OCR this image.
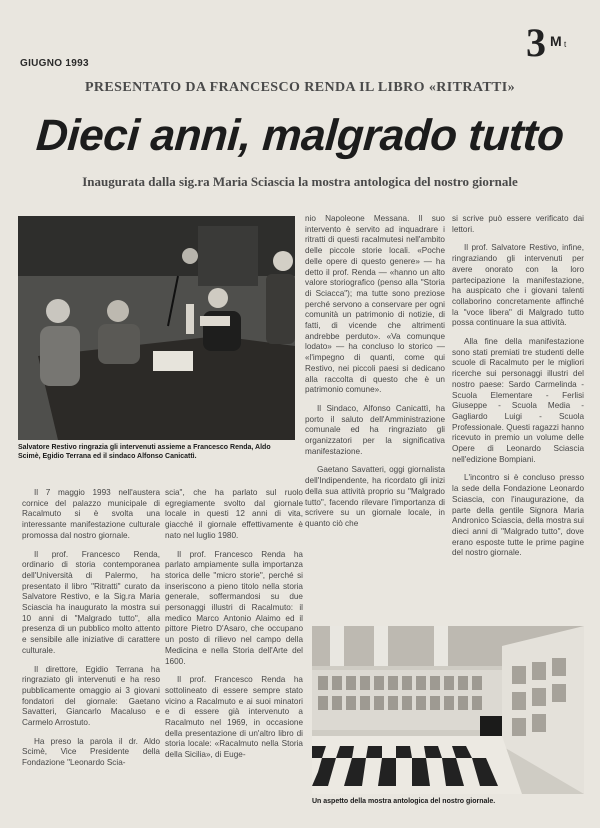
GIUGNO 1993	3 M t
PRESENTATO DA FRANCESCO RENDA IL LIBRO «RITRATTI»
Dieci anni, malgrado tutto
Inaugurata dalla sig.ra Maria Sciascia la mostra antologica del nostro giornale
Salvatore Restivo ringrazia gli intervenuti assieme a Francesco Renda, Aldo Scimè, Egidio Terrana ed il sindaco Alfonso Canicattì.

nio Napoleone Messana. Il suo intervento è servito ad inquadrare i ritratti di questi racalmutesi nell'ambito delle piccole storie locali. «Poche delle opere di questo genere» — ha detto il prof. Renda — «hanno un alto valore storiografico (penso alla "Storia di Sciacca"); ma tutte sono preziose perché servono a conservare per ogni comunità un patrimonio di notizie, di fatti, di vicende che altrimenti andrebbe perduto». «Va comunque lodato» — ha concluso lo storico — «l'impegno di quanti, come qui Restivo, nei piccoli paesi si dedicano alla raccolta di questo che è un patrimonio comune».

Il Sindaco, Alfonso Canicattì, ha porto il saluto dell'Amministrazione comunale ed ha ringraziato gli organizzatori per la significativa manifestazione.

Gaetano Savatteri, oggi giornalista dell'Indipendente, ha ricordato gli inizi della sua attività proprio su "Malgrado tutto", facendo rilevare l'importanza di scrivere su un giornale locale, in quanto ciò che

si scrive può essere verificato dai lettori.

Il prof. Salvatore Restivo, infine, ringraziando gli intervenuti per avere onorato con la loro partecipazione la manifestazione, ha auspicato che i giovani talenti collaborino concretamente affinché la "voce libera" di Malgrado tutto possa continuare la sua attività.

Alla fine della manifestazione sono stati premiati tre studenti delle scuole di Racalmuto per le migliori ricerche sui personaggi illustri del nostro paese: Sardo Carmelinda - Scuola Elementare - Ferlisi Giuseppe - Scuola Media - Gagliardo Luigi - Scuola Professionale. Questi ragazzi hanno ricevuto in premio un volume delle Opere di Leonardo Sciascia nell'edizione Bompiani.

L'incontro si è concluso presso la sede della Fondazione Leonardo Sciascia, con l'inaugurazione, da parte della gentile Signora Maria Andronico Sciascia, della mostra sui dieci anni di "Malgrado tutto", dove erano esposte tutte le prime pagine del nostro giornale.

Il 7 maggio 1993 nell'austera cornice del palazzo municipale di Racalmuto si è svolta una interessante manifestazione culturale promossa dal nostro giornale.

Il prof. Francesco Renda, ordinario di storia contemporanea dell'Università di Palermo, ha presentato il libro "Ritratti" curato da Salvatore Restivo, e la Sig.ra Maria Sciascia ha inaugurato la mostra sui 10 anni di "Malgrado tutto", alla presenza di un pubblico molto attento e sensibile alle iniziative di carattere culturale.

Il direttore, Egidio Terrana ha ringraziato gli intervenuti e ha reso pubblicamente omaggio ai 3 giovani fondatori del giornale: Gaetano Savatteri, Giancarlo Macaluso e Carmelo Arrostuto.

Ha preso la parola il dr. Aldo Scimè, Vice Presidente della Fondazione "Leonardo Scia-

scia", che ha parlato sul ruolo egregiamente svolto dal giornale locale in questi 12 anni di vita, giacché il giornale effettivamente è nato nel luglio 1980.

Il prof. Francesco Renda ha parlato ampiamente sulla importanza storica delle "micro storie", perché si inseriscono a pieno titolo nella storia generale, soffermandosi su due personaggi illustri di Racalmuto: il medico Marco Antonio Alaimo ed il pittore Pietro D'Asaro, che occupano un posto di rilievo nel campo della Medicina e nella Storia dell'Arte del 1600.

Il prof. Francesco Renda ha sottolineato di essere sempre stato vicino a Racalmuto e ai suoi minatori e di essere già intervenuto a Racalmuto nel 1969, in occasione della presentazione di un'altro libro di storia locale: «Racalmuto nella Storia della Sicilia», di Euge-

Un aspetto della mostra antologica del nostro giornale.
